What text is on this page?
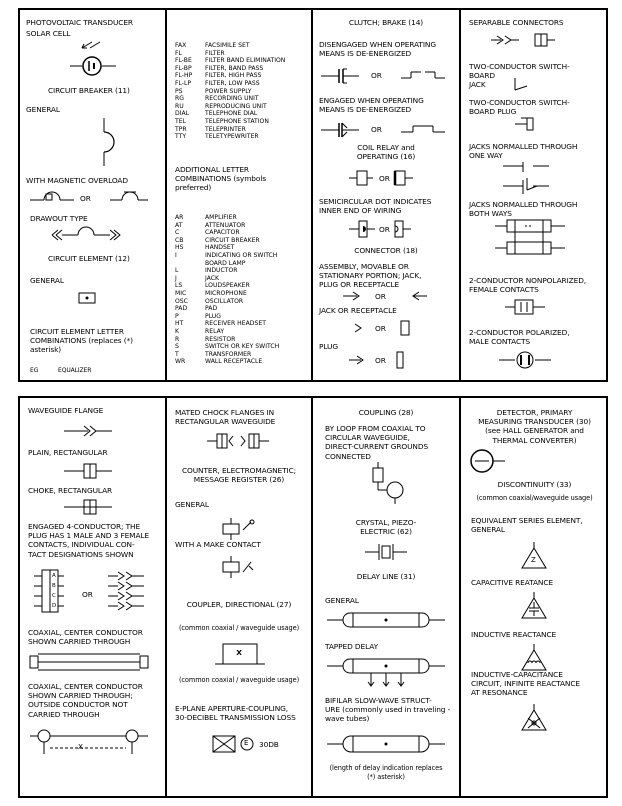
PHOTOVOLTAIC TRANSDUCER
SOLAR CELL
CIRCUIT BREAKER (11)
GENERAL
WITH MAGNETIC OVERLOAD
OR
DRAWOUT TYPE
CIRCUIT ELEMENT (12)
GENERAL
CIRCUIT ELEMENT LETTER
COMBINATIONS (replaces (*)
asterisk)
EG	EQUALIZER
FAX	FACSIMILE SET
FL	FILTER
FL-BE	FILTER BAND ELIMINATION
FL-BP	FILTER, BAND PASS
FL-HP	FILTER, HIGH PASS
FL-LP	FILTER, LOW PASS
PS	POWER SUPPLY
RG	RECORDING UNIT
RU	REPRODUCING UNIT
DIAL	TELEPHONE DIAL
TEL	TELEPHONE STATION
TPR	TELEPRINTER
TTY	TELETYPEWRITER
ADDITIONAL LETTER
COMBINATIONS (symbols
preferred)
AR	AMPLIFIER
AT	ATTENUATOR
C	CAPACITOR
CB	CIRCUIT BREAKER
HS	HANDSET
I	INDICATING OR SWITCH
BOARD LAMP
L	INDUCTOR
J	JACK
LS	LOUDSPEAKER
MIC	MICROPHONE
OSC	OSCILLATOR
PAD	PAD
P	PLUG
HT	RECEIVER HEADSET
K	RELAY
R	RESISTOR
S	SWITCH OR KEY SWITCH
T	TRANSFORMER
WR	WALL RECEPTACLE
CLUTCH; BRAKE (14)
DISENGAGED WHEN OPERATING
MEANS IS DE-ENERGIZED
OR
ENGAGED WHEN OPERATING
MEANS IS DE-ENERGIZED
OR
COIL RELAY and
OPERATING (16)
OR
SEMICIRCULAR DOT INDICATES
INNER END OF WIRING
OR
CONNECTOR (18)
ASSEMBLY, MOVABLE OR
STATIONARY PORTION; JACK,
PLUG OR RECEPTACLE
OR
JACK OR RECEPTACLE
OR
PLUG
OR
SEPARABLE CONNECTORS
TWO-CONDUCTOR SWITCH-
BOARD
JACK
TWO-CONDUCTOR SWITCH-
BOARD PLUG
JACKS NORMALLED THROUGH
ONE WAY
JACKS NORMALLED THROUGH
BOTH WAYS
2-CONDUCTOR NONPOLARIZED,
FEMALE CONTACTS
2-CONDUCTOR POLARIZED,
MALE CONTACTS
WAVEGUIDE FLANGE
PLAIN, RECTANGULAR
CHOKE, RECTANGULAR
ENGAGED 4-CONDUCTOR; THE
PLUG HAS 1 MALE AND 3 FEMALE
CONTACTS, INDIVIDUAL CON-
TACT DESIGNATIONS SHOWN
A
B
C
D
OR
COAXIAL, CENTER CONDUCTOR
SHOWN CARRIED THROUGH
COAXIAL, CENTER CONDUCTOR
SHOWN CARRIED THROUGH;
OUTSIDE CONDUCTOR NOT
CARRIED THROUGH
X
MATED CHOCK FLANGES IN
RECTANGULAR WAVEGUIDE
COUNTER, ELECTROMAGNETIC;
MESSAGE REGISTER (26)
GENERAL
WITH A MAKE CONTACT
COUPLER, DIRECTIONAL (27)
(common coaxial / waveguide usage)
X
(common coaxial / waveguide usage)
E-PLANE APERTURE-COUPLING,
30-DECIBEL TRANSMISSION LOSS
E 30DB
COUPLING (28)
BY LOOP FROM COAXIAL TO
CIRCULAR WAVEGUIDE,
DIRECT-CURRENT GROUNDS
CONNECTED
CRYSTAL, PIEZO-
ELECTRIC (62)
DELAY LINE (31)
GENERAL
TAPPED DELAY
BIFILAR SLOW-WAVE STRUCT-
URE (commonly used in traveling -
wave tubes)
(length of delay indication replaces
(*) asterisk)
DETECTOR, PRIMARY
MEASURING TRANSDUCER (30)
(see HALL GENERATOR and
THERMAL CONVERTER)
DISCONTINUITY (33)
(common coaxial/waveguide usage)
EQUIVALENT SERIES ELEMENT,
GENERAL
Z
CAPACITIVE REATANCE
INDUCTIVE REACTANCE
INDUCTIVE-CAPACITANCE
CIRCUIT, INFINITE REACTANCE
AT RESONANCE
